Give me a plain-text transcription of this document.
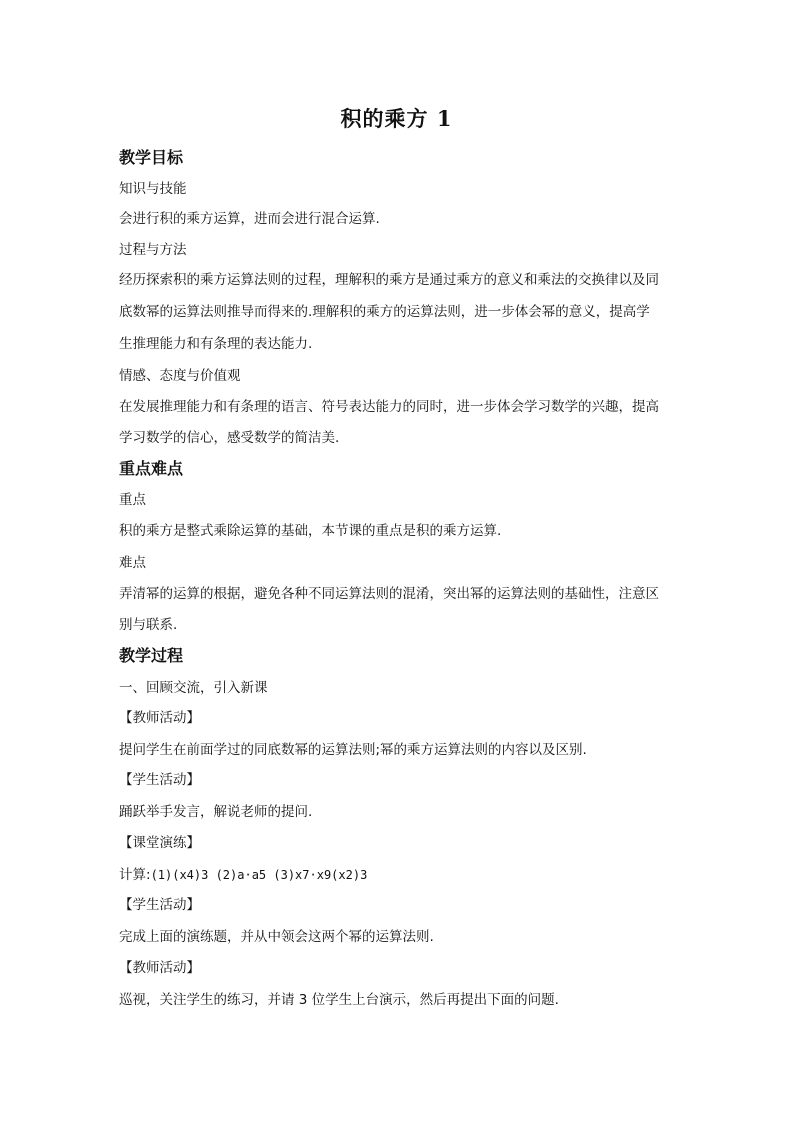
积的乘方 1
教学目标
知识与技能
会进行积的乘方运算，进而会进行混合运算.
过程与方法
经历探索积的乘方运算法则的过程，理解积的乘方是通过乘方的意义和乘法的交换律以及同
底数幂的运算法则推导而得来的.理解积的乘方的运算法则，进一步体会幂的意义，提高学
生推理能力和有条理的表达能力.
情感、态度与价值观
在发展推理能力和有条理的语言、符号表达能力的同时，进一步体会学习数学的兴趣，提高
学习数学的信心，感受数学的简洁美.
重点难点
重点
积的乘方是整式乘除运算的基础，本节课的重点是积的乘方运算.
难点
弄清幂的运算的根据，避免各种不同运算法则的混淆，突出幂的运算法则的基础性，注意区
别与联系.
教学过程
一、回顾交流，引入新课
【教师活动】
提问学生在前面学过的同底数幂的运算法则;幂的乘方运算法则的内容以及区别.
【学生活动】
踊跃举手发言，解说老师的提问.
【课堂演练】
计算:(1)(x4)3 (2)a·a5 (3)x7·x9(x2)3
【学生活动】
完成上面的演练题，并从中领会这两个幂的运算法则.
【教师活动】
巡视，关注学生的练习，并请 3 位学生上台演示，然后再提出下面的问题.
